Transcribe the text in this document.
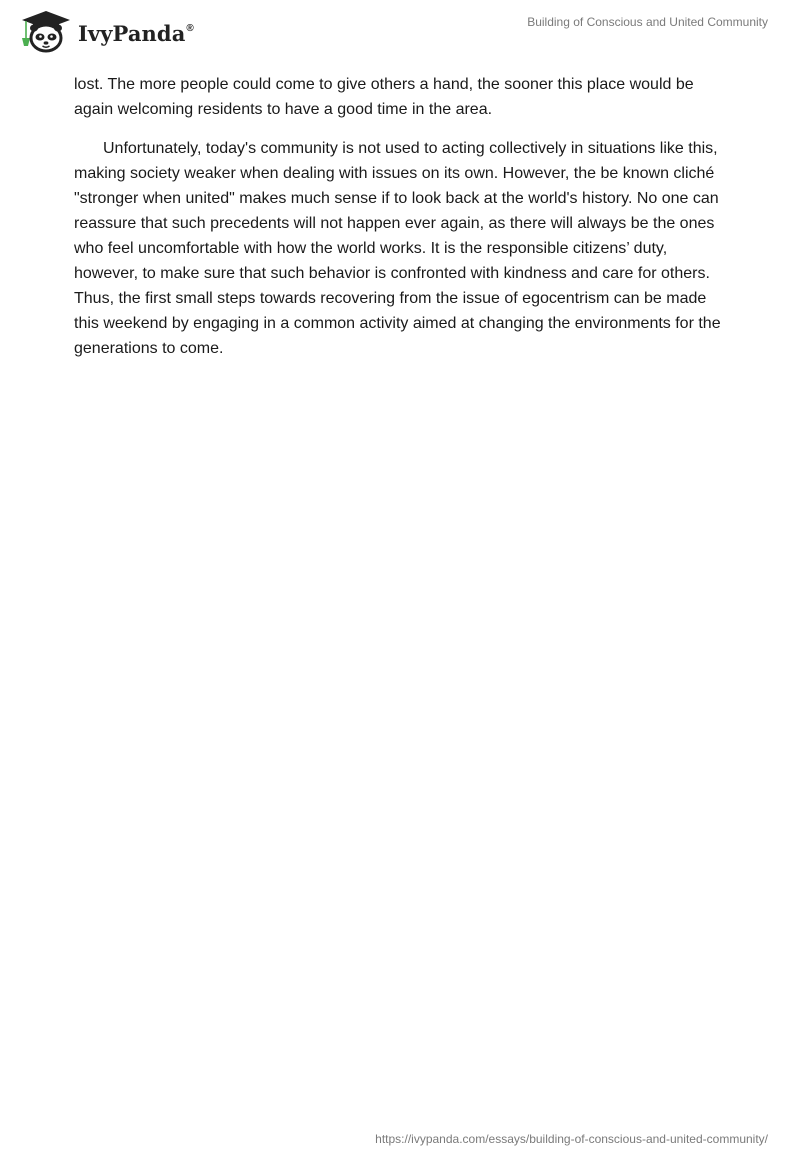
IvyPanda®	Building of Conscious and United Community

lost. The more people could come to give others a hand, the sooner this place would be again welcoming residents to have a good time in the area.

Unfortunately, today's community is not used to acting collectively in situations like this, making society weaker when dealing with issues on its own. However, the be known cliché "stronger when united" makes much sense if to look back at the world's history. No one can reassure that such precedents will not happen ever again, as there will always be the ones who feel uncomfortable with how the world works. It is the responsible citizens’ duty, however, to make sure that such behavior is confronted with kindness and care for others. Thus, the first small steps towards recovering from the issue of egocentrism can be made this weekend by engaging in a common activity aimed at changing the environments for the generations to come.

https://ivypanda.com/essays/building-of-conscious-and-united-community/
